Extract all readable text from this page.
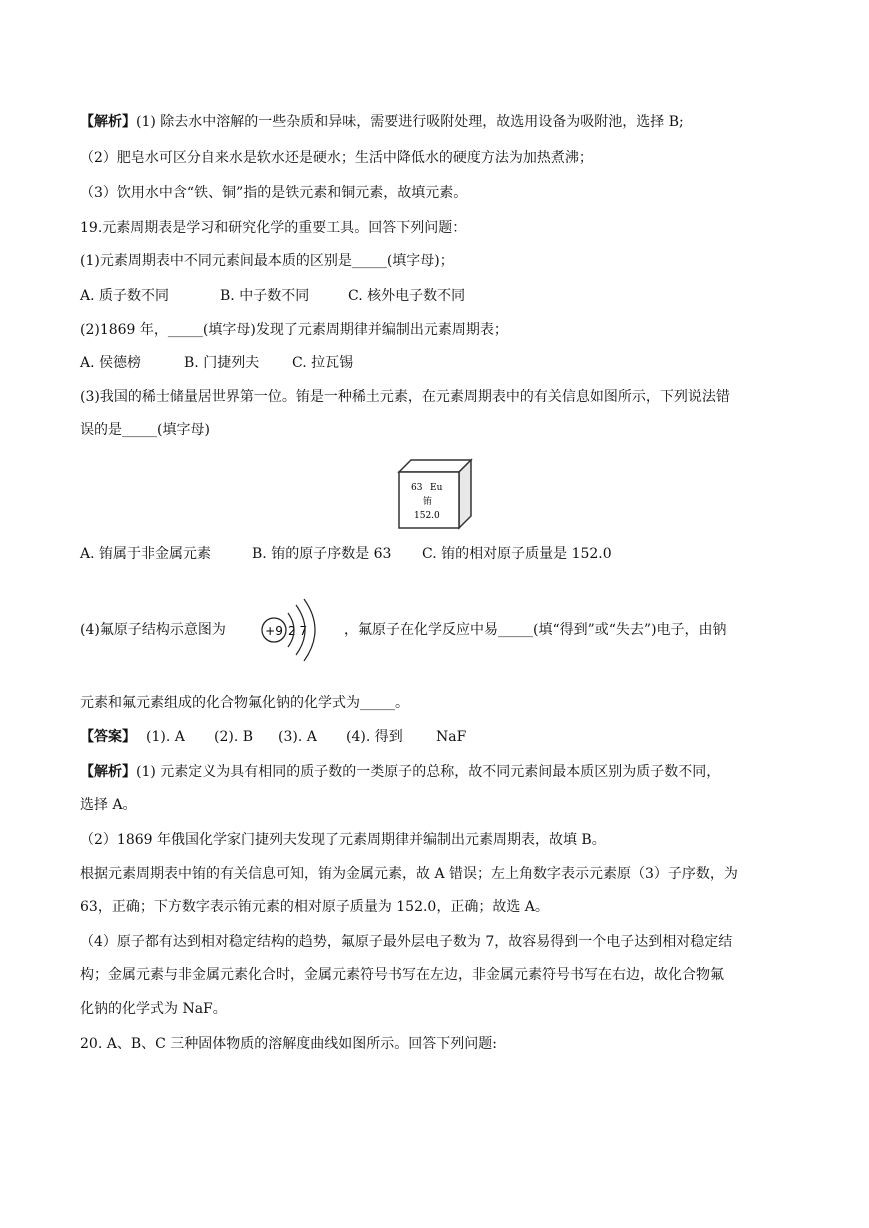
【解析】(1) 除去水中溶解的一些杂质和异味，需要进行吸附处理，故选用设备为吸附池，选择 B;
（2）肥皂水可区分自来水是软水还是硬水；生活中降低水的硬度方法为加热煮沸；
（3）饮用水中含“铁、铜”指的是铁元素和铜元素，故填元素。
19.元素周期表是学习和研究化学的重要工具。回答下列问题：
(1)元素周期表中不同元素间最本质的区别是_____(填字母)；
A. 质子数不同	B. 中子数不同	C. 核外电子数不同
(2)1869 年，_____(填字母)发现了元素周期律并编制出元素周期表；
A. 侯德榜	B. 门捷列夫 C. 拉瓦锡
(3)我国的稀士储量居世界第一位。铕是一种稀土元素，在元素周期表中的有关信息如图所示，下列说法错
误的是_____(填字母)
63 Eu
铕
152.0
A. 铕属于非金属元素	B. 铕的原子序数是 63 C. 铕的相对原子质量是 152.0
(4)氟原子结构示意图为	+9 2 7	，氟原子在化学反应中易_____(填“得到”或“失去”)电子，由钠
元素和氟元素组成的化合物氟化钠的化学式为_____。
【答案】 (1). A (2). B (3). A (4). 得到 NaF
【解析】(1) 元素定义为具有相同的质子数的一类原子的总称，故不同元素间最本质区别为质子数不同，
选择 A。
（2）1869 年俄国化学家门捷列夫发现了元素周期律并编制出元素周期表，故填 B。
根据元素周期表中铕的有关信息可知，铕为金属元素，故 A 错误；左上角数字表示元素原（3）子序数，为
63，正确；下方数字表示铕元素的相对原子质量为 152.0，正确；故选 A。
（4）原子都有达到相对稳定结构的趋势，氟原子最外层电子数为 7，故容易得到一个电子达到相对稳定结
构；金属元素与非金属元素化合时，金属元素符号书写在左边，非金属元素符号书写在右边，故化合物氟
化钠的化学式为 NaF。
20. A、B、C 三种固体物质的溶解度曲线如图所示。回答下列问题:
